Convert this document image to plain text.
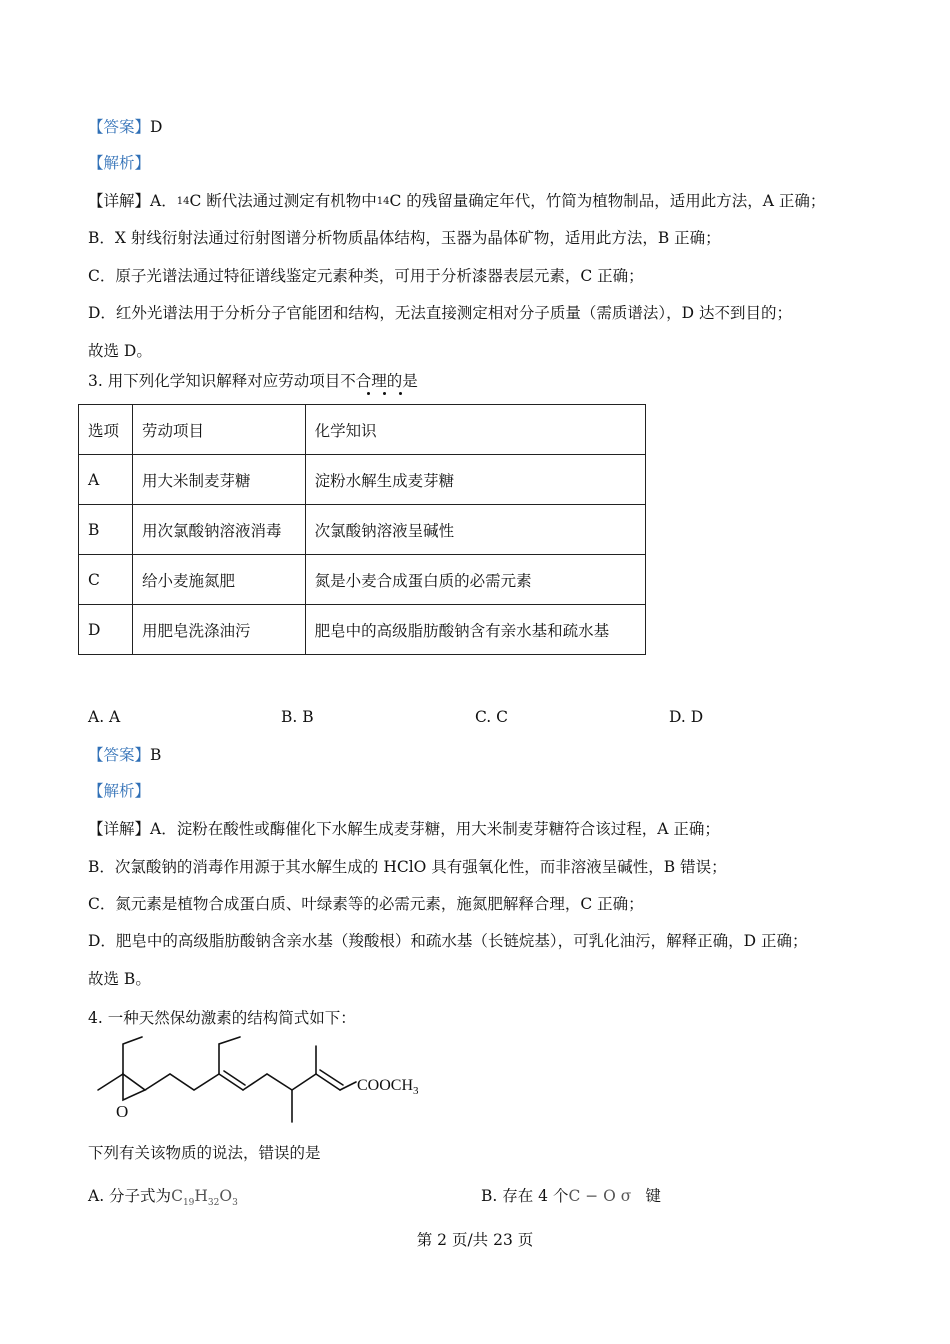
【答案】D
【解析】
【详解】A．$^{14}$C 断代法通过测定有机物中$^{14}$C 的残留量确定年代，竹简为植物制品，适用此方法，A 正确；
B．X 射线衍射法通过衍射图谱分析物质晶体结构，玉器为晶体矿物，适用此方法，B 正确；
C．原子光谱法通过特征谱线鉴定元素种类，可用于分析漆器表层元素，C 正确；
D．红外光谱法用于分析分子官能团和结构，无法直接测定相对分子质量（需质谱法），D 达不到目的；
故选 D。
3. 用下列化学知识解释对应劳动项目不合理的是
选项	劳动项目	化学知识
A	用大米制麦芽糖	淀粉水解生成麦芽糖
B	用次氯酸钠溶液消毒	次氯酸钠溶液呈碱性
C	给小麦施氮肥	氮是小麦合成蛋白质的必需元素
D	用肥皂洗涤油污	肥皂中的高级脂肪酸钠含有亲水基和疏水基
A. A	B. B	C. C	D. D
【答案】B
【解析】
【详解】A．淀粉在酸性或酶催化下水解生成麦芽糖，用大米制麦芽糖符合该过程，A 正确；
B．次氯酸钠的消毒作用源于其水解生成的 HClO 具有强氧化性，而非溶液呈碱性，B 错误；
C．氮元素是植物合成蛋白质、叶绿素等的必需元素，施氮肥解释合理，C 正确；
D．肥皂中的高级脂肪酸钠含亲水基（羧酸根）和疏水基（长链烷基），可乳化油污，解释正确，D 正确；
故选 B。
4. 一种天然保幼激素的结构简式如下：
$COOCH_3$
O
下列有关该物质的说法，错误的是
A. 分子式为$C_{19}H_{32}O_3$	B. 存在 4 个C − O σ 键
第 2 页/共 23 页
